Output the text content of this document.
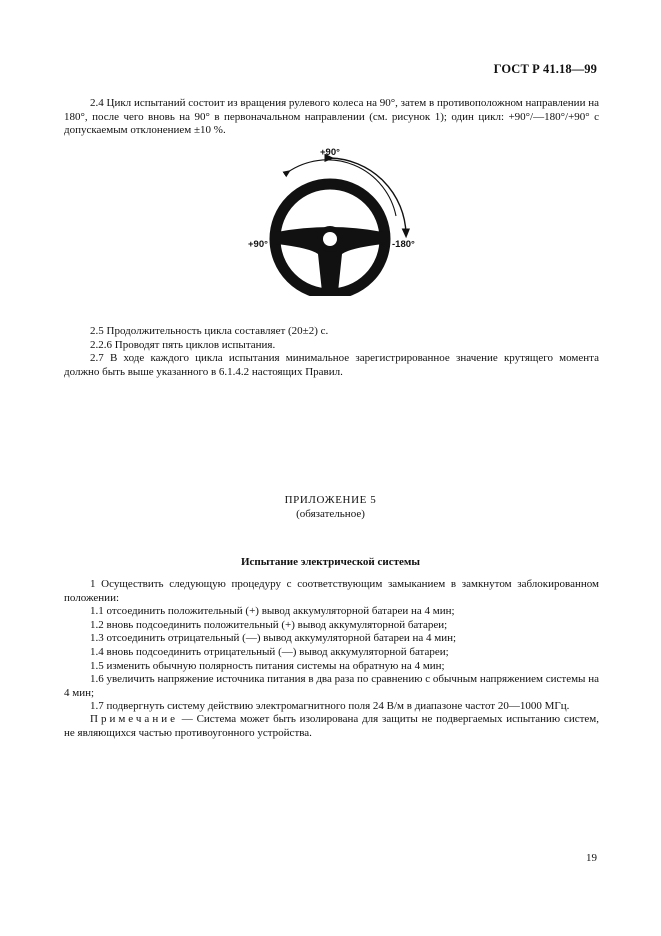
ГОСТ Р 41.18—99

2.4 Цикл испытаний состоит из вращения рулевого колеса на 90°, затем в противоположном направлении на 180°, после чего вновь на 90° в первоначальном направлении (см. рисунок 1); один цикл: +90°/—180°/+90° с допускаемым отклонением ±10 %.

+90°
+90°	-180°

2.5 Продолжительность цикла составляет (20±2) с.

2.2.6 Проводят пять циклов испытания.

2.7 В ходе каждого цикла испытания минимальное зарегистрированное значение крутящего момента должно быть выше указанного в 6.1.4.2 настоящих Правил.

ПРИЛОЖЕНИЕ 5
(обязательное)
Испытание электрической системы

1 Осуществить следующую процедуру с соответствующим замыканием в замкнутом заблокированном положении:

1.1 отсоединить положительный (+) вывод аккумуляторной батареи на 4 мин;

1.2 вновь подсоединить положительный (+) вывод аккумуляторной батареи;

1.3 отсоединить отрицательный (—) вывод аккумуляторной батареи на 4 мин;

1.4 вновь подсоединить отрицательный (—) вывод аккумуляторной батареи;

1.5 изменить обычную полярность питания системы на обратную на 4 мин;

1.6 увеличить напряжение источника питания в два раза по сравнению с обычным напряжением системы на 4 мин;

1.7 подвергнуть систему действию электромагнитного поля 24 В/м в диапазоне частот 20—1000 МГц.

Примечание — Система может быть изолирована для защиты не подвергаемых испытанию систем, не являющихся частью противоугонного устройства.

19
